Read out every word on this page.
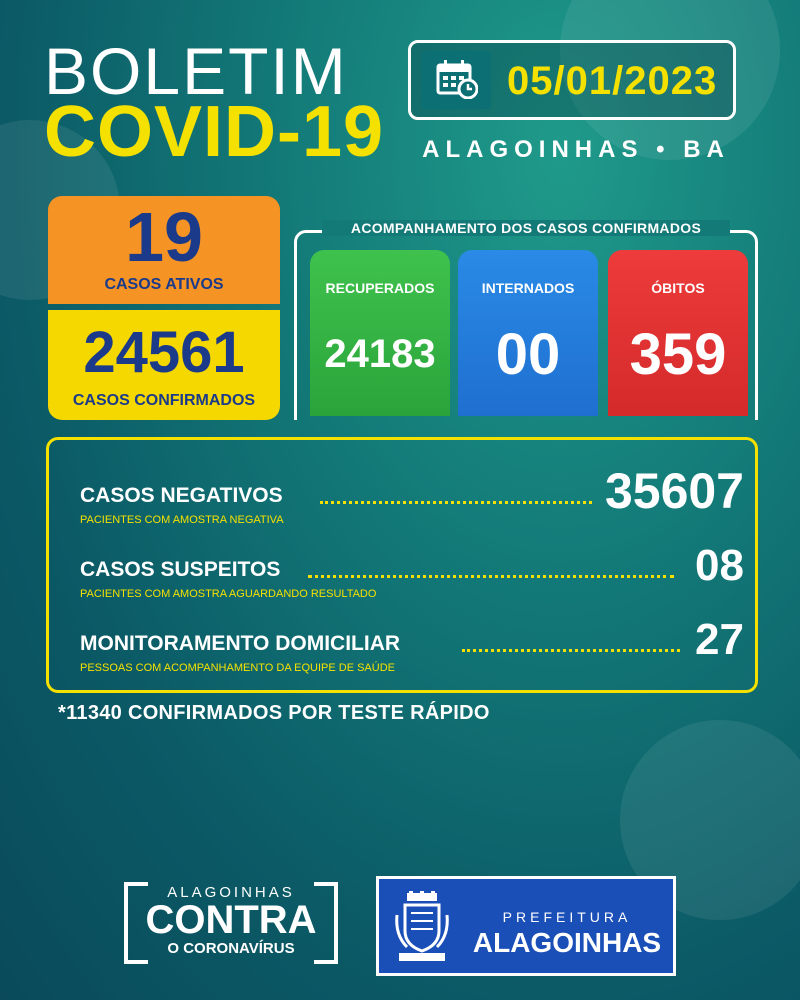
BOLETIM
COVID-19
05/01/2023
ALAGOINHAS • BA
19
CASOS ATIVOS
24561
CASOS CONFIRMADOS
ACOMPANHAMENTO DOS CASOS CONFIRMADOS
RECUPERADOS
24183
INTERNADOS
00
ÓBITOS
359
CASOS NEGATIVOS	35607
PACIENTES COM AMOSTRA NEGATIVA
CASOS SUSPEITOS	08
PACIENTES COM AMOSTRA AGUARDANDO RESULTADO
MONITORAMENTO DOMICILIAR	27
PESSOAS COM ACOMPANHAMENTO DA EQUIPE DE SAÚDE
*11340 CONFIRMADOS POR TESTE RÁPIDO
ALAGOINHAS
CONTRA
O CORONAVÍRUS
PREFEITURA
ALAGOINHAS
